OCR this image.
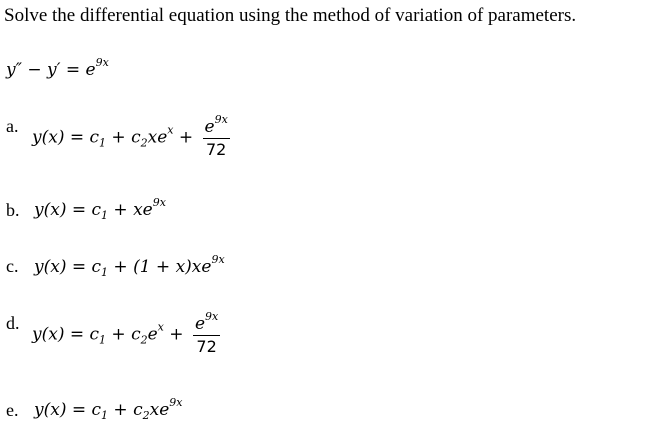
Solve the differential equation using the method of variation of parameters.
$y'' - y' = e^{9x}$
a.
$y(x) = c_1 + c_2xe^x + \frac{e^{9x}}{72}$
b. $y(x) = c_1 + xe^{9x}$
c. $y(x) = c_1 + (1 + x)xe^{9x}$
d.
$y(x) = c_1 + c_2e^x + \frac{e^{9x}}{72}$
e. $y(x) = c_1 + c_2xe^{9x}$
